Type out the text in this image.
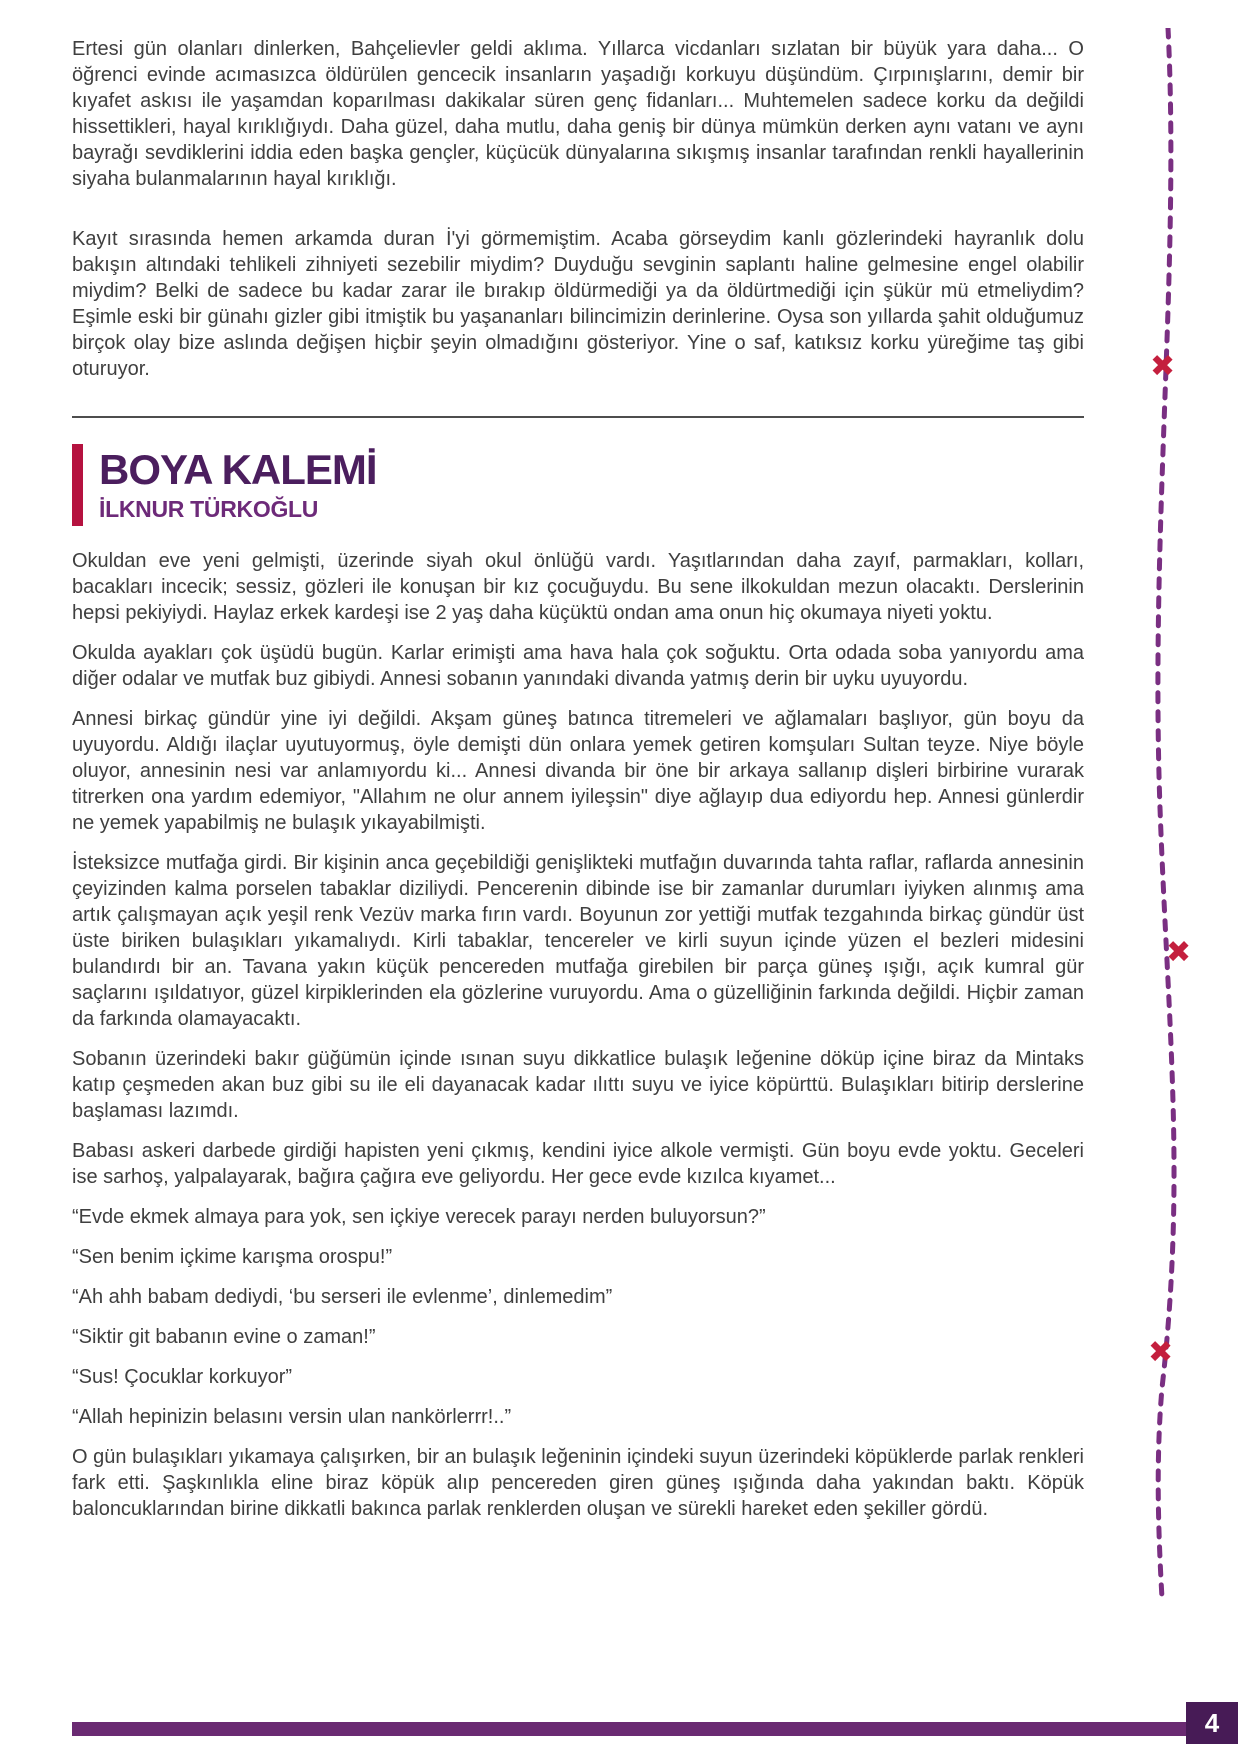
Ertesi gün olanları dinlerken, Bahçelievler geldi aklıma. Yıllarca vicdanları sızlatan bir büyük yara daha... O öğrenci evinde acımasızca öldürülen gencecik insanların yaşadığı korkuyu düşündüm. Çırpınışlarını, demir bir kıyafet askısı ile yaşamdan koparılması dakikalar süren genç fidanları... Muhtemelen sadece korku da değildi hissettikleri, hayal kırıklığıydı. Daha güzel, daha mutlu, daha geniş bir dünya mümkün derken aynı vatanı ve aynı bayrağı sevdiklerini iddia eden başka gençler, küçücük dünyalarına sıkışmış insanlar tarafından renkli hayallerinin siyaha bulanmalarının hayal kırıklığı.

Kayıt sırasında hemen arkamda duran İ'yi görmemiştim. Acaba görseydim kanlı gözlerindeki hayranlık dolu bakışın altındaki tehlikeli zihniyeti sezebilir miydim? Duyduğu sevginin saplantı haline gelmesine engel olabilir miydim? Belki de sadece bu kadar zarar ile bırakıp öldürmediği ya da öldürtmediği için şükür mü etmeliydim? Eşimle eski bir günahı gizler gibi itmiştik bu yaşananları bilincimizin derinlerine. Oysa son yıllarda şahit olduğumuz birçok olay bize aslında değişen hiçbir şeyin olmadığını gösteriyor. Yine o saf, katıksız korku yüreğime taş gibi oturuyor.

BOYA KALEMİ
İLKNUR TÜRKOĞLU

Okuldan eve yeni gelmişti, üzerinde siyah okul önlüğü vardı. Yaşıtlarından daha zayıf, parmakları, kolları, bacakları incecik; sessiz, gözleri ile konuşan bir kız çocuğuydu. Bu sene ilkokuldan mezun olacaktı. Derslerinin hepsi pekiyiydi. Haylaz erkek kardeşi ise 2 yaş daha küçüktü ondan ama onun hiç okumaya niyeti yoktu.

Okulda ayakları çok üşüdü bugün. Karlar erimişti ama hava hala çok soğuktu. Orta odada soba yanıyordu ama diğer odalar ve mutfak buz gibiydi. Annesi sobanın yanındaki divanda yatmış derin bir uyku uyuyordu.

Annesi birkaç gündür yine iyi değildi. Akşam güneş batınca titremeleri ve ağlamaları başlıyor, gün boyu da uyuyordu. Aldığı ilaçlar uyutuyormuş, öyle demişti dün onlara yemek getiren komşuları Sultan teyze. Niye böyle oluyor, annesinin nesi var anlamıyordu ki... Annesi divanda bir öne bir arkaya sallanıp dişleri birbirine vurarak titrerken ona yardım edemiyor, "Allahım ne olur annem iyileşsin" diye ağlayıp dua ediyordu hep. Annesi günlerdir ne yemek yapabilmiş ne bulaşık yıkayabilmişti.

İsteksizce mutfağa girdi. Bir kişinin anca geçebildiği genişlikteki mutfağın duvarında tahta raflar, raflarda annesinin çeyizinden kalma porselen tabaklar diziliydi. Pencerenin dibinde ise bir zamanlar durumları iyiyken alınmış ama artık çalışmayan açık yeşil renk Vezüv marka fırın vardı. Boyunun zor yettiği mutfak tezgahında birkaç gündür üst üste biriken bulaşıkları yıkamalıydı. Kirli tabaklar, tencereler ve kirli suyun içinde yüzen el bezleri midesini bulandırdı bir an. Tavana yakın küçük pencereden mutfağa girebilen bir parça güneş ışığı, açık kumral gür saçlarını ışıldatıyor, güzel kirpiklerinden ela gözlerine vuruyordu. Ama o güzelliğinin farkında değildi. Hiçbir zaman da farkında olamayacaktı.

Sobanın üzerindeki bakır güğümün içinde ısınan suyu dikkatlice bulaşık leğenine döküp içine biraz da Mintaks katıp çeşmeden akan buz gibi su ile eli dayanacak kadar ılıttı suyu ve iyice köpürttü. Bulaşıkları bitirip derslerine başlaması lazımdı.

Babası askeri darbede girdiği hapisten yeni çıkmış, kendini iyice alkole vermişti. Gün boyu evde yoktu. Geceleri ise sarhoş, yalpalayarak, bağıra çağıra eve geliyordu. Her gece evde kızılca kıyamet...

“Evde ekmek almaya para yok, sen içkiye verecek parayı nerden buluyorsun?”

“Sen benim içkime karışma orospu!”

“Ah ahh babam dediydi, ‘bu serseri ile evlenme’, dinlemedim”

“Siktir git babanın evine o zaman!”

“Sus! Çocuklar korkuyor”

“Allah hepinizin belasını versin ulan nankörlerrr!..”

O gün bulaşıkları yıkamaya çalışırken, bir an bulaşık leğeninin içindeki suyun üzerindeki köpüklerde parlak renkleri fark etti. Şaşkınlıkla eline biraz köpük alıp pencereden giren güneş ışığında daha yakından baktı. Köpük baloncuklarından birine dikkatli bakınca parlak renklerden oluşan ve sürekli hareket eden şekiller gördü.

✖
✖
✖
4
